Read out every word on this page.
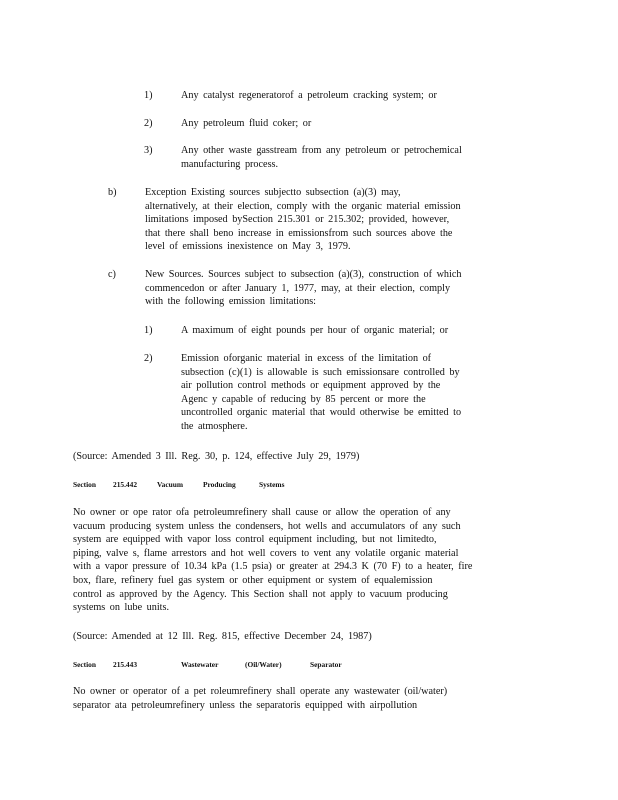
1)	Any catalyst regeneratorof a petroleum cracking system; or
2)	Any petroleum fluid coker; or
3)	Any other waste gasstream from any petroleum or petrochemical
manufacturing process.
b)	Exception Existing sources subjectto subsection (a)(3) may,
alternatively, at their election, comply with the organic material emission
limitations imposed bySection 215.301 or 215.302; provided, however,
that there shall beno increase in emissionsfrom such sources above the
level of emissions inexistence on May 3, 1979.
c)	New Sources. Sources subject to subsection (a)(3), construction of which
commencedon or after January 1, 1977, may, at their election, comply
with the following emission limitations:
1)	A maximum of eight pounds per hour of organic material; or
2)	Emission oforganic material in excess of the limitation of
subsection (c)(1) is allowable is such emissionsare controlled by
air pollution control methods or equipment approved by the
Agenc y capable of reducing by 85 percent or more the
uncontrolled organic material that would otherwise be emitted to
the atmosphere.
(Source: Amended 3 Ill. Reg. 30, p. 124, effective July 29, 1979)
Section 215.442	Vacuum	Producing	Systems
No owner or ope rator ofa petroleumrefinery shall cause or allow the operation of any
vacuum producing system unless the condensers, hot wells and accumulators of any such
system are equipped with vapor loss control equipment including, but not limitedto,
piping, valve s, flame arrestors and hot well covers to vent any volatile organic material
with a vapor pressure of 10.34 kPa (1.5 psia) or greater at 294.3 K (70 F) to a heater, fire
box, flare, refinery fuel gas system or other equipment or system of equalemission
control as approved by the Agency. This Section shall not apply to vacuum producing
systems on lube units.
(Source: Amended at 12 Ill. Reg. 815, effective December 24, 1987)
Section 215.443	Wastewater	(Oil/Water)	Separator
No owner or operator of a pet roleumrefinery shall operate any wastewater (oil/water)
separator ata petroleumrefinery unless the separatoris equipped with airpollution
